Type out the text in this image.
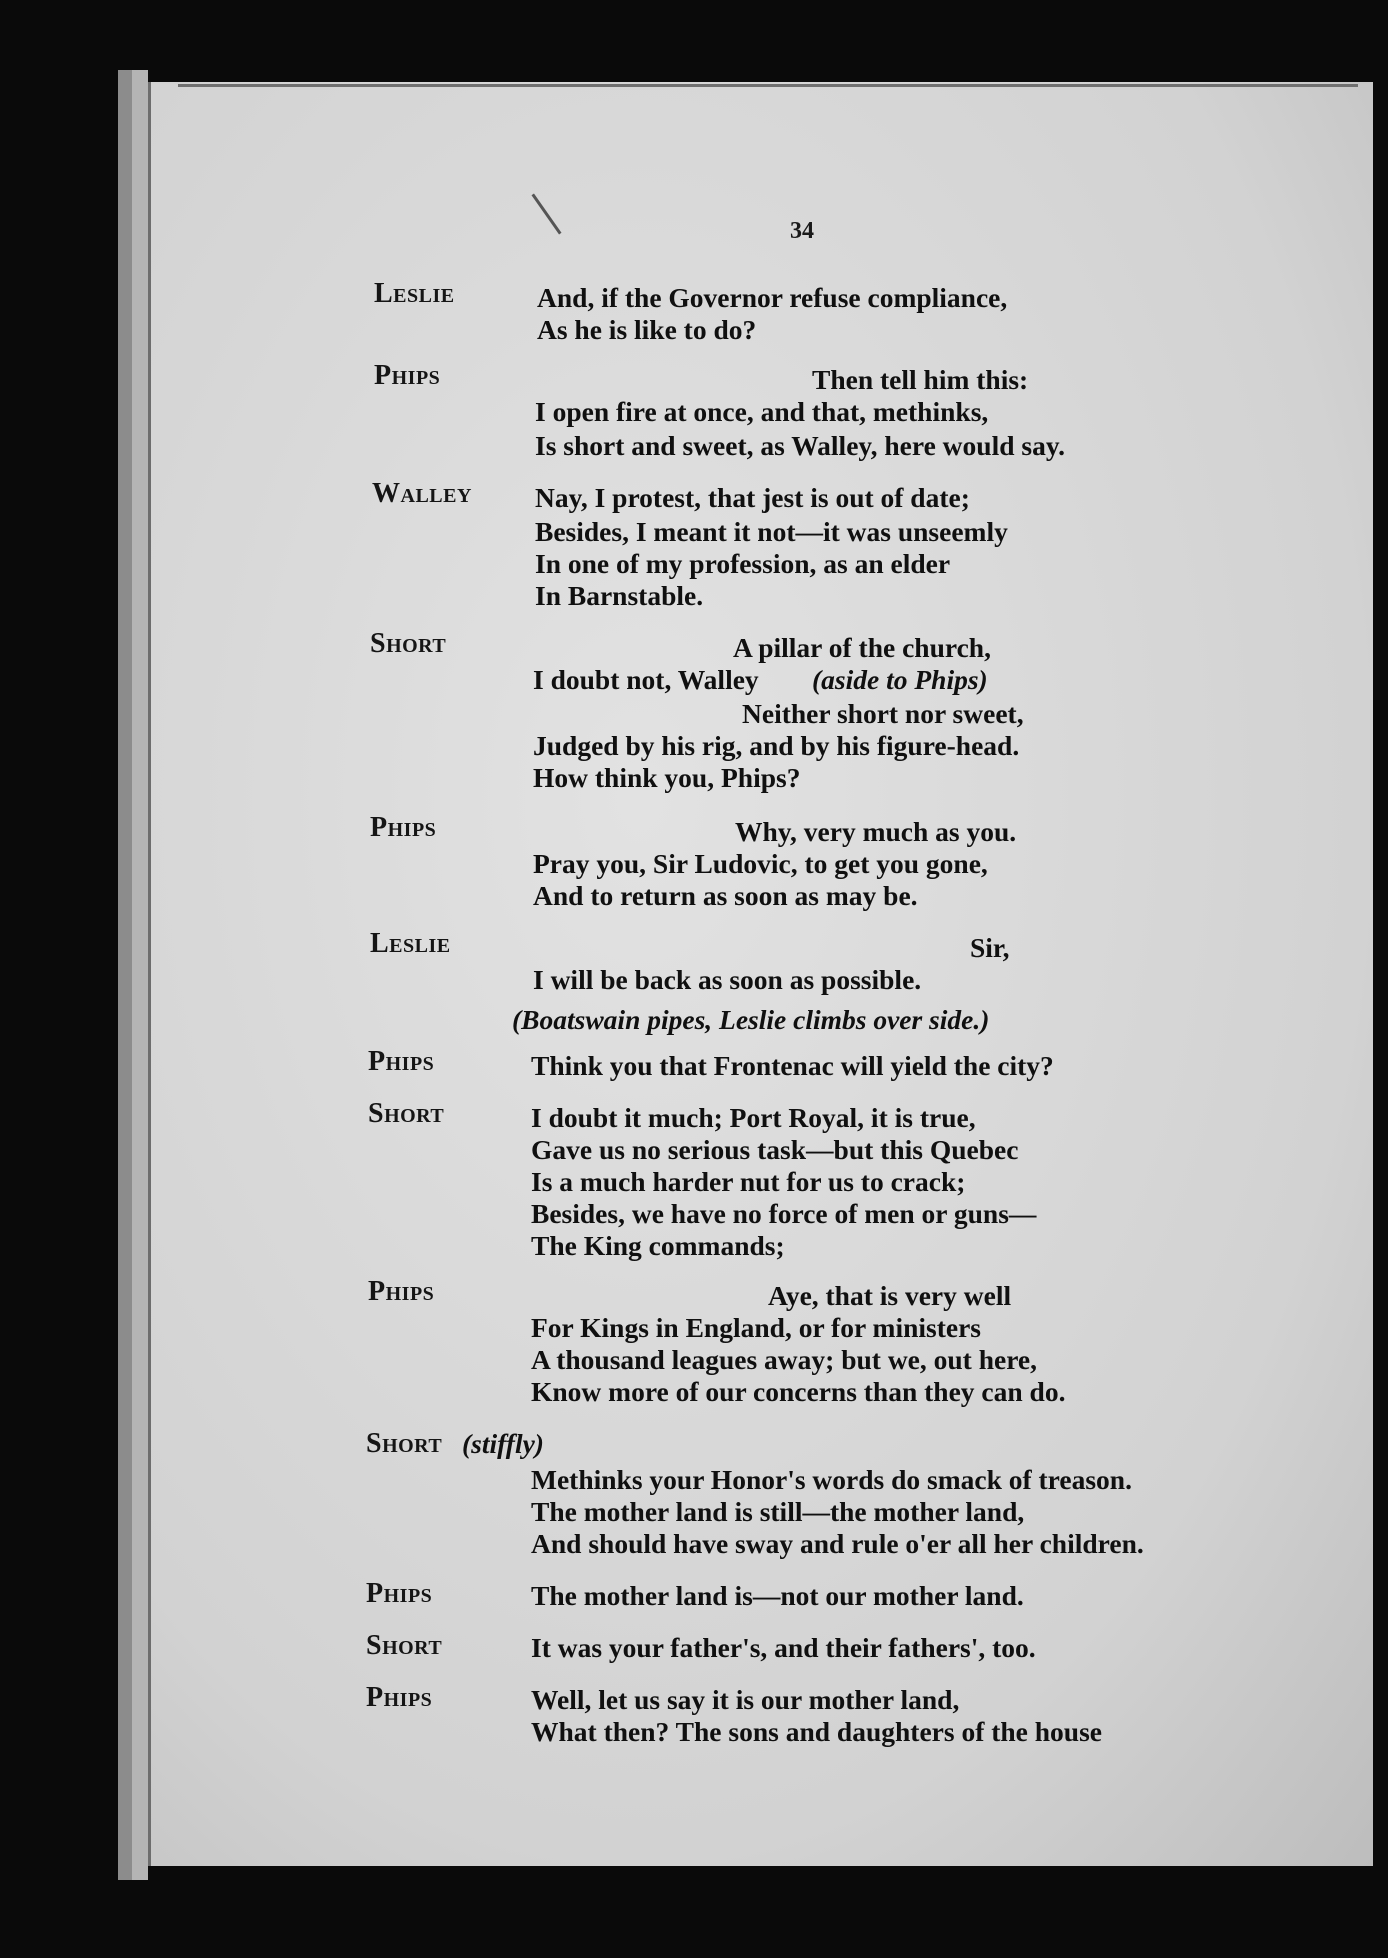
34
Leslie
Phips
Walley
Short
Phips
Leslie
Phips
Short
Phips
Short (stiffly)
Phips
Short
Phips
And, if the Governor refuse compliance,
As he is like to do?
Then tell him this:
I open fire at once, and that, methinks,
Is short and sweet, as Walley, here would say.
Nay, I protest, that jest is out of date;
Besides, I meant it not—it was unseemly
In one of my profession, as an elder
In Barnstable.
A pillar of the church,
I doubt not, Walley (aside to Phips)
Neither short nor sweet,
Judged by his rig, and by his figure-head.
How think you, Phips?
Why, very much as you.
Pray you, Sir Ludovic, to get you gone,
And to return as soon as may be.
Sir,
I will be back as soon as possible.
(Boatswain pipes, Leslie climbs over side.)
Think you that Frontenac will yield the city?
I doubt it much; Port Royal, it is true,
Gave us no serious task—but this Quebec
Is a much harder nut for us to crack;
Besides, we have no force of men or guns—
The King commands;
Aye, that is very well
For Kings in England, or for ministers
A thousand leagues away; but we, out here,
Know more of our concerns than they can do.
Methinks your Honor's words do smack of treason.
The mother land is still—the mother land,
And should have sway and rule o'er all her children.
The mother land is—not our mother land.
It was your father's, and their fathers', too.
Well, let us say it is our mother land,
What then? The sons and daughters of the house
